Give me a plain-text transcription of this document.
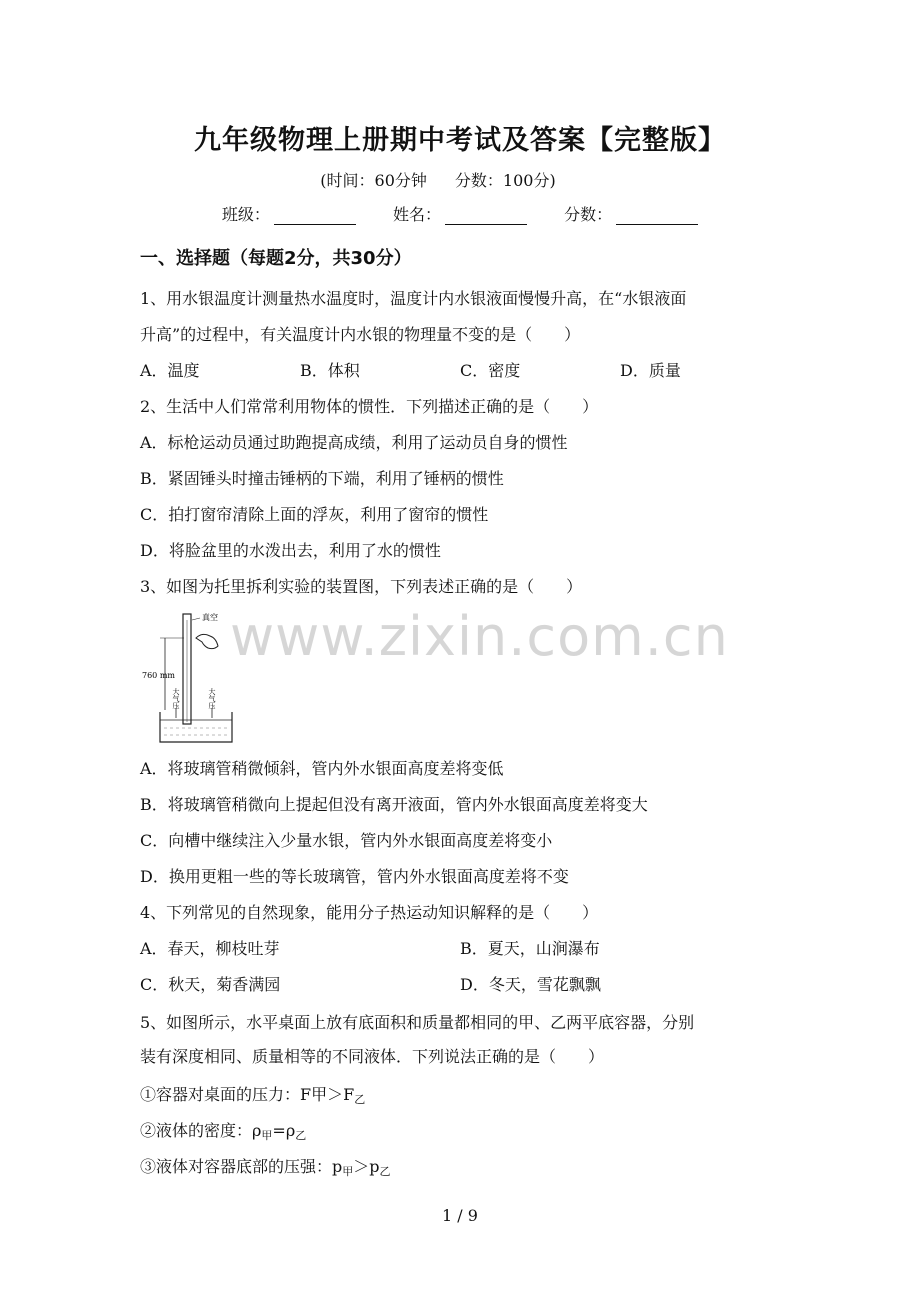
九年级物理上册期中考试及答案【完整版】
(时间：60分钟 分数：100分)
班级：	姓名：	分数：
一、选择题（每题2分，共30分）
1、用水银温度计测量热水温度时，温度计内水银液面慢慢升高，在“水银液面
升高”的过程中，有关温度计内水银的物理量不变的是（　　）
A．温度	B．体积	C．密度	D．质量
2、生活中人们常常利用物体的惯性．下列描述正确的是（　　）
A．标枪运动员通过助跑提高成绩，利用了运动员自身的惯性
B．紧固锤头时撞击锤柄的下端，利用了锤柄的惯性
C．拍打窗帘清除上面的浮灰，利用了窗帘的惯性
D．将脸盆里的水泼出去，利用了水的惯性
3、如图为托里拆利实验的装置图，下列表述正确的是（　　）
www.zixin.com.cn
真空
760 mm
大气压	大气压
A．将玻璃管稍微倾斜，管内外水银面高度差将变低
B．将玻璃管稍微向上提起但没有离开液面，管内外水银面高度差将变大
C．向槽中继续注入少量水银，管内外水银面高度差将变小
D．换用更粗一些的等长玻璃管，管内外水银面高度差将不变
4、下列常见的自然现象，能用分子热运动知识解释的是（　　）
A．春天，柳枝吐芽	B．夏天，山涧瀑布
C．秋天，菊香满园	D．冬天，雪花飘飘
5、如图所示，水平桌面上放有底面积和质量都相同的甲、乙两平底容器，分别
装有深度相同、质量相等的不同液体．下列说法正确的是（　　）
①容器对桌面的压力：F甲$>F_乙$
②液体的密度：$\rho_甲=\rho_乙$
③液体对容器底部的压强：$p_甲>p_乙$
1 / 9
